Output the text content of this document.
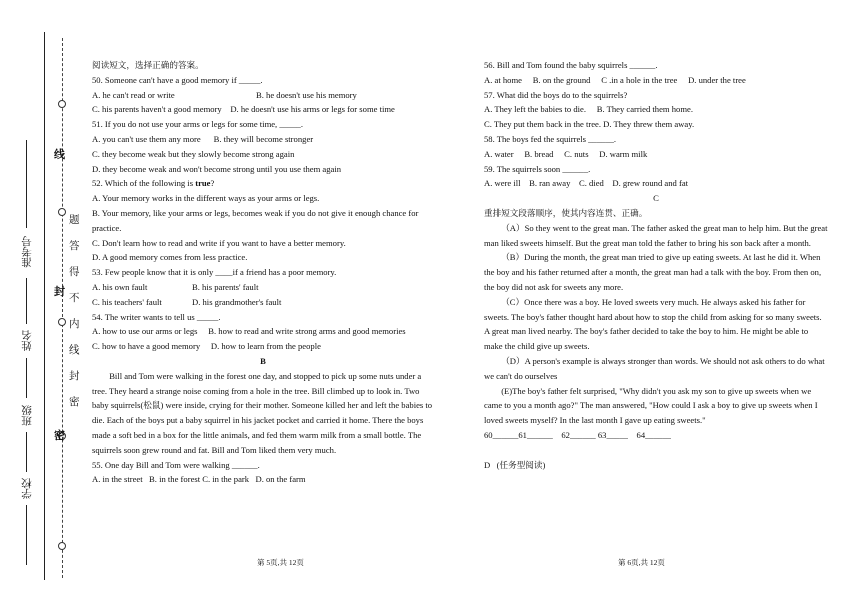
学校
班级
姓名
准考号
线
封
密
题
答
得
不
内
线
封
密

阅读短文，选择正确的答案。

50. Someone can't have a good memory if _____.

A. he can't read or write	B. he doesn't use his memory

C. his parents haven't a good memory D. he doesn't use his arms or legs for some time

51. If you do not use your arms or legs for some time, _____.

A. you can't use them any more B. they will become stronger

C. they become weak but they slowly become strong again

D. they become weak and won't become strong until you use them again

52. Which of the following is true?

A. Your memory works in the different ways as your arms or legs.

B. Your memory, like your arms or legs, becomes weak if you do not give it enough chance for practice.

C. Don't learn how to read and write if you want to have a better memory.

D. A good memory comes from less practice.

53. Few people know that it is only ____if a friend has a poor memory.

A. his own fault	B. his parents' fault

C. his teachers' fault	D. his grandmother's fault

54. The writer wants to tell us _____.

A. how to use our arms or legs B. how to read and write strong arms and good memories

C. how to have a good memory D. how to learn from the people

B

Bill and Tom were walking in the forest one day, and stopped to pick up some nuts under a tree. They heard a strange noise coming from a hole in the tree. Bill climbed up to look in. Two baby squirrels(松鼠) were inside, crying for their mother. Someone killed her and left the babies to die. Each of the boys put a baby squirrel in his jacket pocket and carried it home. There the boys made a soft bed in a box for the little animals, and fed them warm milk from a small bottle. The squirrels soon grew round and fat. Bill and Tom liked them very much.

55. One day Bill and Tom were walking ______.

A. in the street   B. in the forest C. in the park   D. on the farm

第 5页,共 12页

56. Bill and Tom found the baby squirrels ______.

A. at home     B. on the ground     C .in a hole in the tree     D. under the tree

57. What did the boys do to the squirrels?

A. They left the babies to die.     B. They carried them home.

C. They put them back in the tree. D. They threw them away.

58. The boys fed the squirrels ______.

A. water     B. bread     C. nuts     D. warm milk

59. The squirrels soon ______.

A. were ill    B. ran away    C. died    D. grew round and fat

C

重排短文段落顺序，使其内容连贯、正确。

（A）So they went to the great man. The father asked the great man to help him. But the great man liked sweets himself. But the great man told the father to bring his son back after a month.

（B）During the month, the great man tried to give up eating sweets. At last he did it. When the boy and his father returned after a month, the great man had a talk with the boy. From then on, the boy did not ask for sweets any more.

（C）Once there was a boy. He loved sweets very much. He always asked his father for sweets. The boy's father thought hard about how to stop the child from asking for so many sweets. A great man lived nearby. The boy's father decided to take the boy to him. He might be able to make the child give up sweets.

（D）A person's example is always stronger than words. We should not ask others to do what we can't do ourselves

(E)The boy's father felt surprised, "Why didn't you ask my son to give up sweets when we came to you a month ago?" The man answered, "How could I ask a boy to give up sweets when I loved sweets myself? In the last month I gave up eating sweets."

60______61______    62______ 63_____    64______

D   (任务型阅读)

第 6页,共 12页
